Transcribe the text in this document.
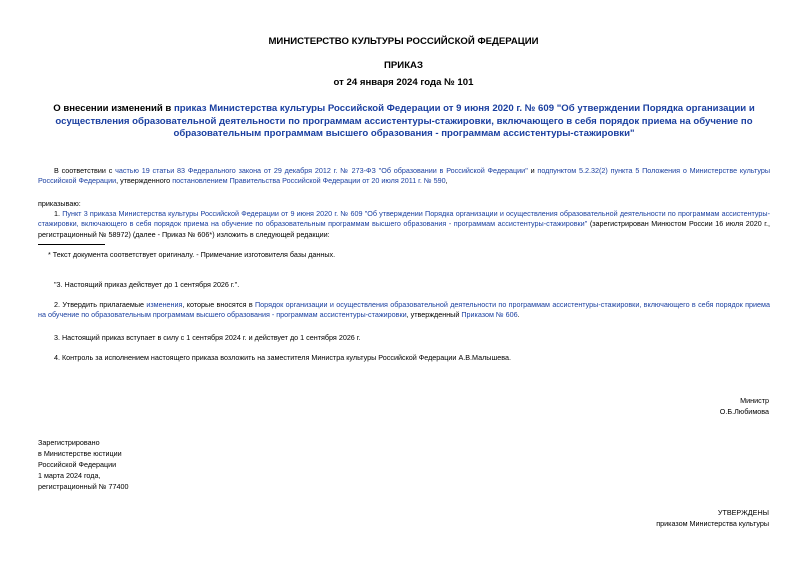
МИНИСТЕРСТВО КУЛЬТУРЫ РОССИЙСКОЙ ФЕДЕРАЦИИ
ПРИКАЗ
от 24 января 2024 года № 101
О внесении изменений в приказ Министерства культуры Российской Федерации от 9 июня 2020 г. № 609 "Об утверждении Порядка организации и осуществления образовательной деятельности по программам ассистентуры-стажировки, включающего в себя порядок приема на обучение по образовательным программам высшего образования - программам ассистентуры-стажировки"
В соответствии с частью 19 статьи 83 Федерального закона от 29 декабря 2012 г. № 273-ФЗ "Об образовании в Российской Федерации" и подпунктом 5.2.32(2) пункта 5 Положения о Министерстве культуры Российской Федерации, утвержденного постановлением Правительства Российской Федерации от 20 июля 2011 г. № 590,
приказываю:
1. Пункт 3 приказа Министерства культуры Российской Федерации от 9 июня 2020 г. № 609 "Об утверждении Порядка организации и осуществления образовательной деятельности по программам ассистентуры-стажировки, включающего в себя порядок приема на обучение по образовательным программам высшего образования - программам ассистентуры-стажировки" (зарегистрирован Минюстом России 16 июля 2020 г., регистрационный № 58972) (далее - Приказ № 606*) изложить в следующей редакции:
* Текст документа соответствует оригиналу. - Примечание изготовителя базы данных.
"3. Настоящий приказ действует до 1 сентября 2026 г.".
2. Утвердить прилагаемые изменения, которые вносятся в Порядок организации и осуществления образовательной деятельности по программам ассистентуры-стажировки, включающего в себя порядок приема на обучение по образовательным программам высшего образования - программам ассистентуры-стажировки, утвержденный Приказом № 606.
3. Настоящий приказ вступает в силу с 1 сентября 2024 г. и действует до 1 сентября 2026 г.
4. Контроль за исполнением настоящего приказа возложить на заместителя Министра культуры Российской Федерации А.В.Малышева.
Министр
О.Б.Любимова
Зарегистрировано
в Министерстве юстиции
Российской Федерации
1 марта 2024 года,
регистрационный № 77400
УТВЕРЖДЕНЫ
приказом Министерства культуры
